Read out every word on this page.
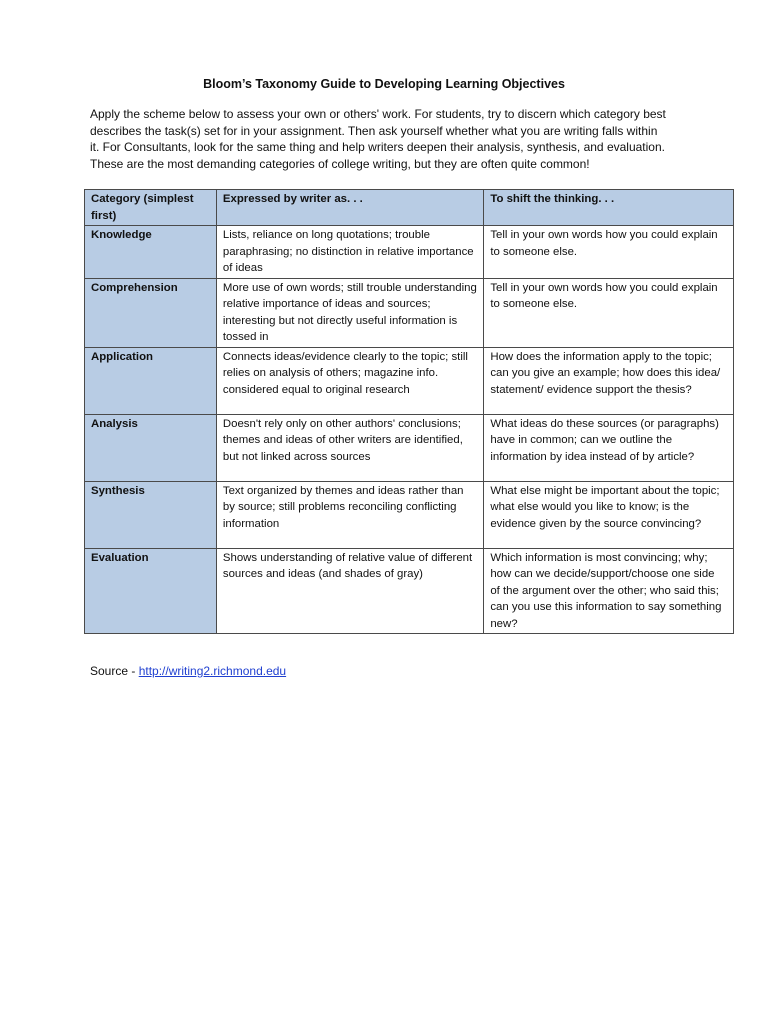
Bloom’s Taxonomy Guide to Developing Learning Objectives
Apply the scheme below to assess your own or others' work. For students, try to discern which category best
describes the task(s) set for in your assignment. Then ask yourself whether what you are writing falls within
it. For Consultants, look for the same thing and help writers deepen their analysis, synthesis, and evaluation.
These are the most demanding categories of college writing, but they are often quite common!
Category (simplest first)	Expressed by writer as. . .	To shift the thinking. . .
Knowledge	Lists, reliance on long quotations; trouble paraphrasing; no distinction in relative importance of ideas	Tell in your own words how you could explain to someone else.
Comprehension	More use of own words; still trouble understanding relative importance of ideas and sources; interesting but not directly useful information is tossed in	Tell in your own words how you could explain to someone else.
Application	Connects ideas/evidence clearly to the topic; still relies on analysis of others; magazine info. considered equal to original research	How does the information apply to the topic; can you give an example; how does this idea/ statement/ evidence support the thesis?
Analysis	Doesn't rely only on other authors' conclusions; themes and ideas of other writers are identified, but not linked across sources	What ideas do these sources (or paragraphs) have in common; can we outline the information by idea instead of by article?
Synthesis	Text organized by themes and ideas rather than by source; still problems reconciling conflicting information	What else might be important about the topic; what else would you like to know; is the evidence given by the source convincing?
Evaluation	Shows understanding of relative value of different sources and ideas (and shades of gray)	Which information is most convincing; why; how can we decide/support/choose one side of the argument over the other; who said this; can you use this information to say something new?
Source - http://writing2.richmond.edu
